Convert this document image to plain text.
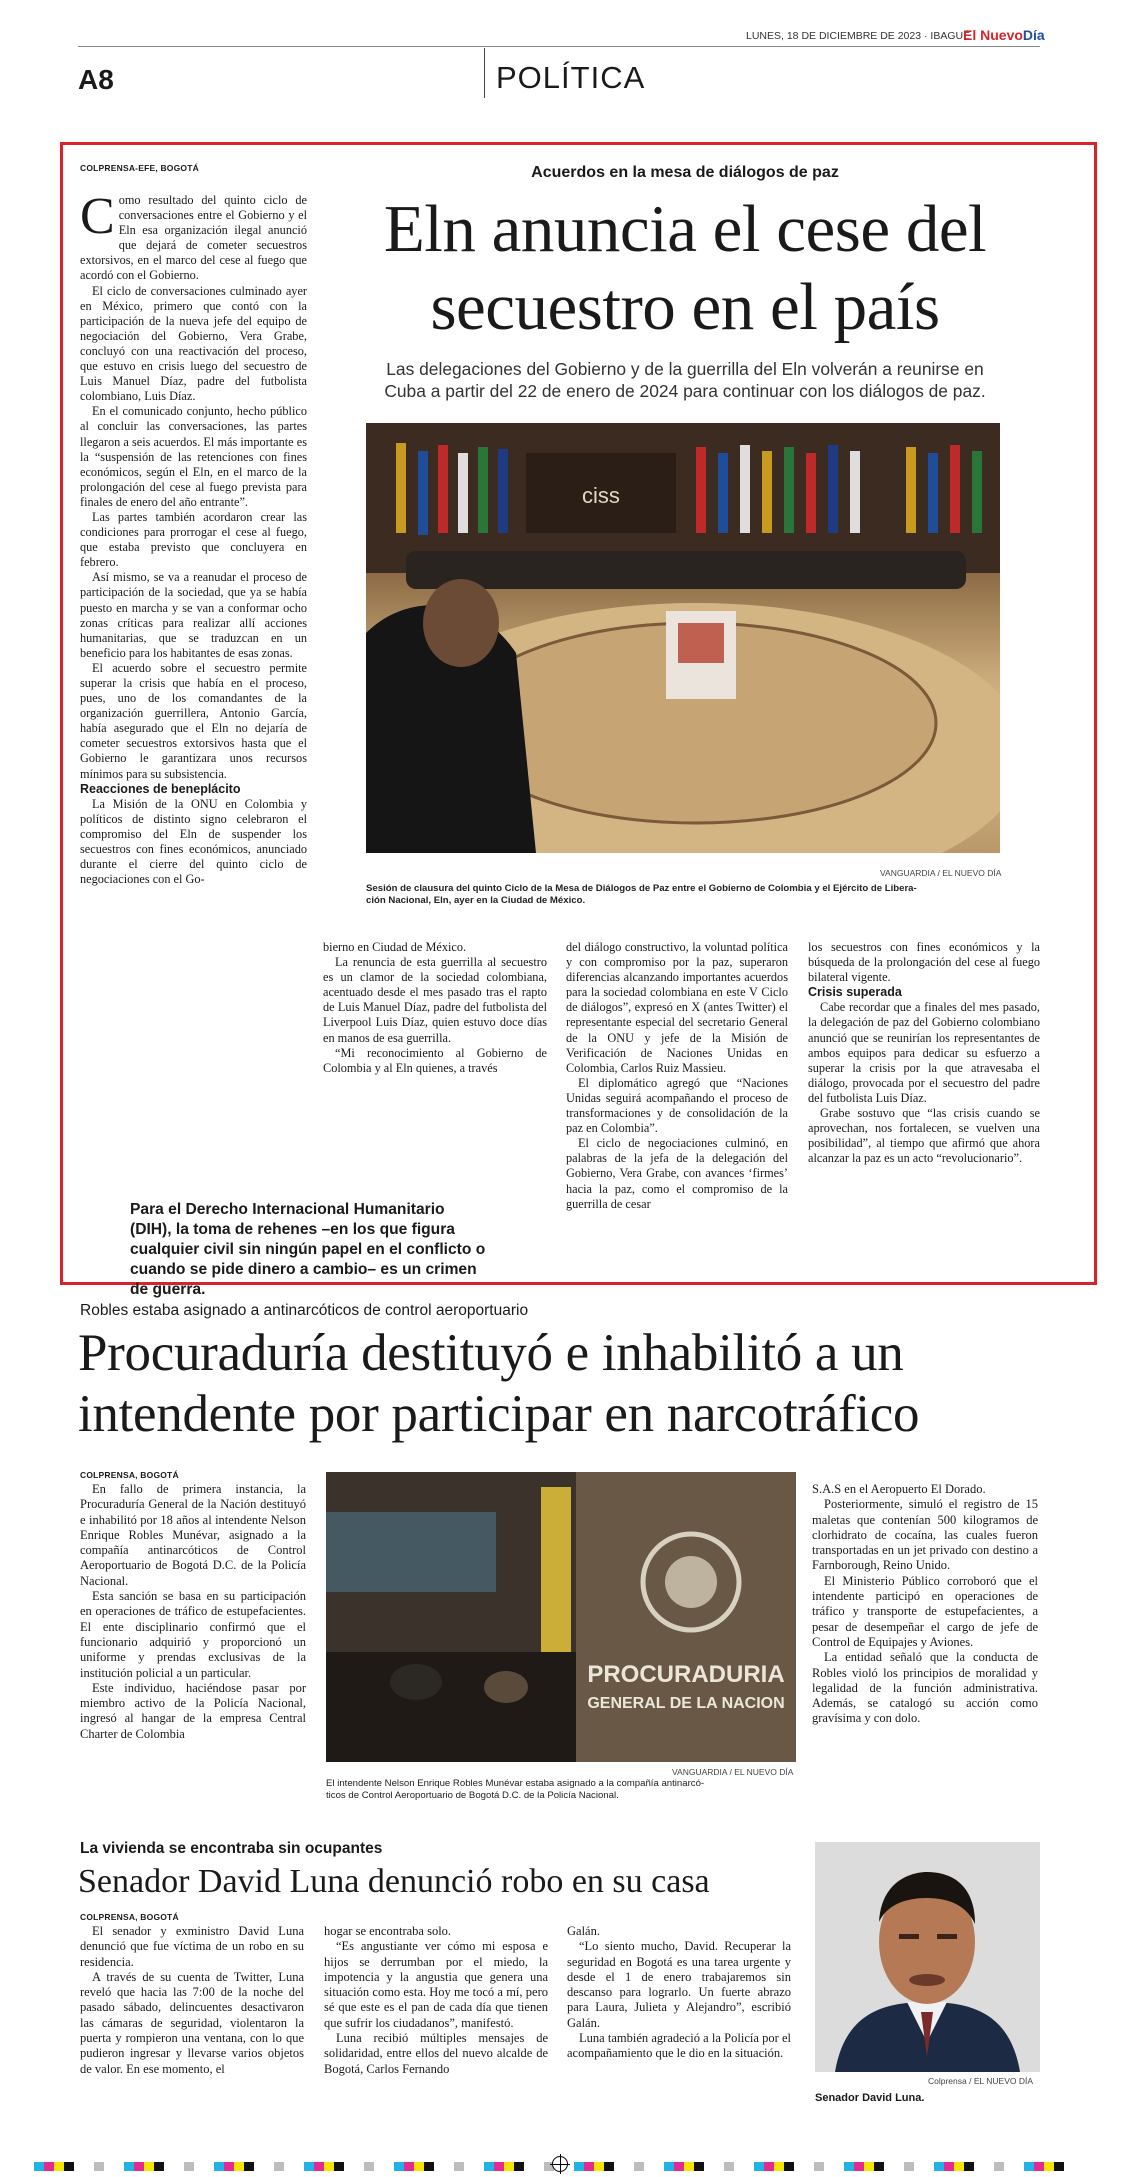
LUNES, 18 DE DICIEMBRE DE 2023 · IBAGUÉ
El NuevoDía
A8	POLÍTICA
COLPRENSA-EFE, BOGOTÁ	Acuerdos en la mesa de diálogos de paz
Eln anuncia el cese del
secuestro en el país
Las delegaciones del Gobierno y de la guerrilla del Eln volverán a reunirse en
Cuba a partir del 22 de enero de 2024 para continuar con los diálogos de paz.
ciss
VANGUARDIA / EL NUEVO DÍA
Sesión de clausura del quinto Ciclo de la Mesa de Diálogos de Paz entre el Gobierno de Colombia y el Ejército de Libera-
ción Nacional, Eln, ayer en la Ciudad de México.

Como resultado del quinto ciclo de conversaciones entre el Gobierno y el Eln esa organización ilegal anunció que dejará de cometer secuestros extorsivos, en el marco del cese al fuego que acordó con el Gobierno.

El ciclo de conversaciones culminado ayer en México, primero que contó con la participación de la nueva jefe del equipo de negociación del Gobierno, Vera Grabe, concluyó con una reactivación del proceso, que estuvo en crisis luego del secuestro de Luis Manuel Díaz, padre del futbolista colombiano, Luis Díaz.

En el comunicado conjunto, hecho público al concluir las conversaciones, las partes llegaron a seis acuerdos. El más importante es la “suspensión de las retenciones con fines económicos, según el Eln, en el marco de la prolongación del cese al fuego prevista para finales de enero del año entrante”.

Las partes también acordaron crear las condiciones para prorrogar el cese al fuego, que estaba previsto que concluyera en febrero.

Así mismo, se va a reanudar el proceso de participación de la sociedad, que ya se había puesto en marcha y se van a conformar ocho zonas críticas para realizar allí acciones humanitarias, que se traduzcan en un beneficio para los habitantes de esas zonas.

El acuerdo sobre el secuestro permite superar la crisis que había en el proceso, pues, uno de los comandantes de la organización guerrillera, Antonio García, había asegurado que el Eln no dejaría de cometer secuestros extorsivos hasta que el Gobierno le garantizara unos recursos mínimos para su subsistencia.

Reacciones de beneplácito

La Misión de la ONU en Colombia y políticos de distinto signo celebraron el compromiso del Eln de suspender los secuestros con fines económicos, anunciado durante el cierre del quinto ciclo de negociaciones con el Go-

bierno en Ciudad de México.

La renuncia de esta guerrilla al secuestro es un clamor de la sociedad colombiana, acentuado desde el mes pasado tras el rapto de Luis Manuel Díaz, padre del futbolista del Liverpool Luis Díaz, quien estuvo doce días en manos de esa guerrilla.

“Mi reconocimiento al Gobierno de Colombia y al Eln quienes, a través

del diálogo constructivo, la voluntad política y con compromiso por la paz, superaron diferencias alcanzando importantes acuerdos para la sociedad colombiana en este V Ciclo de diálogos”, expresó en X (antes Twitter) el representante especial del secretario General de la ONU y jefe de la Misión de Verificación de Naciones Unidas en Colombia, Carlos Ruiz Massieu.

El diplomático agregó que “Naciones Unidas seguirá acompañando el proceso de transformaciones y de consolidación de la paz en Colombia”.

El ciclo de negociaciones culminó, en palabras de la jefa de la delegación del Gobierno, Vera Grabe, con avances ‘firmes’ hacia la paz, como el compromiso de la guerrilla de cesar

los secuestros con fines económicos y la búsqueda de la prolongación del cese al fuego bilateral vigente.

Crisis superada

Cabe recordar que a finales del mes pasado, la delegación de paz del Gobierno colombiano anunció que se reunirían los representantes de ambos equipos para dedicar su esfuerzo a superar la crisis por la que atravesaba el diálogo, provocada por el secuestro del padre del futbolista Luis Díaz.

Grabe sostuvo que “las crisis cuando se aprovechan, nos fortalecen, se vuelven una posibilidad”, al tiempo que afirmó que ahora alcanzar la paz es un acto “revolucionario”.

Para el Derecho Internacional Humanitario
(DIH), la toma de rehenes –en los que figura
cualquier civil sin ningún papel en el conflicto o
cuando se pide dinero a cambio– es un crimen
de guerra.
Robles estaba asignado a antinarcóticos de control aeroportuario
Procuraduría destituyó e inhabilitó a un
intendente por participar en narcotráfico
COLPRENSA, BOGOTÁ

En fallo de primera instancia, la Procuraduría General de la Nación destituyó e inhabilitó por 18 años al intendente Nelson Enrique Robles Munévar, asignado a la compañía antinarcóticos de Control Aeroportuario de Bogotá D.C. de la Policía Nacional.

Esta sanción se basa en su participación en operaciones de tráfico de estupefacientes. El ente disciplinario confirmó que el funcionario adquirió y proporcionó un uniforme y prendas exclusivas de la institución policial a un particular.

Este individuo, haciéndose pasar por miembro activo de la Policía Nacional, ingresó al hangar de la empresa Central Charter de Colombia

PROCURADURIA
GENERAL DE LA NACION
VANGUARDIA / EL NUEVO DÍA
El intendente Nelson Enrique Robles Munévar estaba asignado a la compañía antinarcó-
ticos de Control Aeroportuario de Bogotá D.C. de la Policía Nacional.

S.A.S en el Aeropuerto El Dorado.

Posteriormente, simuló el registro de 15 maletas que contenían 500 kilogramos de clorhidrato de cocaína, las cuales fueron transportadas en un jet privado con destino a Farnborough, Reino Unido.

El Ministerio Público corroboró que el intendente participó en operaciones de tráfico y transporte de estupefacientes, a pesar de desempeñar el cargo de jefe de Control de Equipajes y Aviones.

La entidad señaló que la conducta de Robles violó los principios de moralidad y legalidad de la función administrativa. Además, se catalogó su acción como gravísima y con dolo.

La vivienda se encontraba sin ocupantes
Senador David Luna denunció robo en su casa
COLPRENSA, BOGOTÁ

El senador y exministro David Luna denunció que fue víctima de un robo en su residencia.

A través de su cuenta de Twitter, Luna reveló que hacia las 7:00 de la noche del pasado sábado, delincuentes desactivaron las cámaras de seguridad, violentaron la puerta y rompieron una ventana, con lo que pudieron ingresar y llevarse varios objetos de valor. En ese momento, el

hogar se encontraba solo.

“Es angustiante ver cómo mi esposa e hijos se derrumban por el miedo, la impotencia y la angustia que genera una situación como esta. Hoy me tocó a mí, pero sé que este es el pan de cada día que tienen que sufrir los ciudadanos”, manifestó.

Luna recibió múltiples mensajes de solidaridad, entre ellos del nuevo alcalde de Bogotá, Carlos Fernando

Galán.

“Lo siento mucho, David. Recuperar la seguridad en Bogotá es una tarea urgente y desde el 1 de enero trabajaremos sin descanso para lograrlo. Un fuerte abrazo para Laura, Julieta y Alejandro”, escribió Galán.

Luna también agradeció a la Policía por el acompañamiento que le dio en la situación.

Colprensa / EL NUEVO DÍA
Senador David Luna.
